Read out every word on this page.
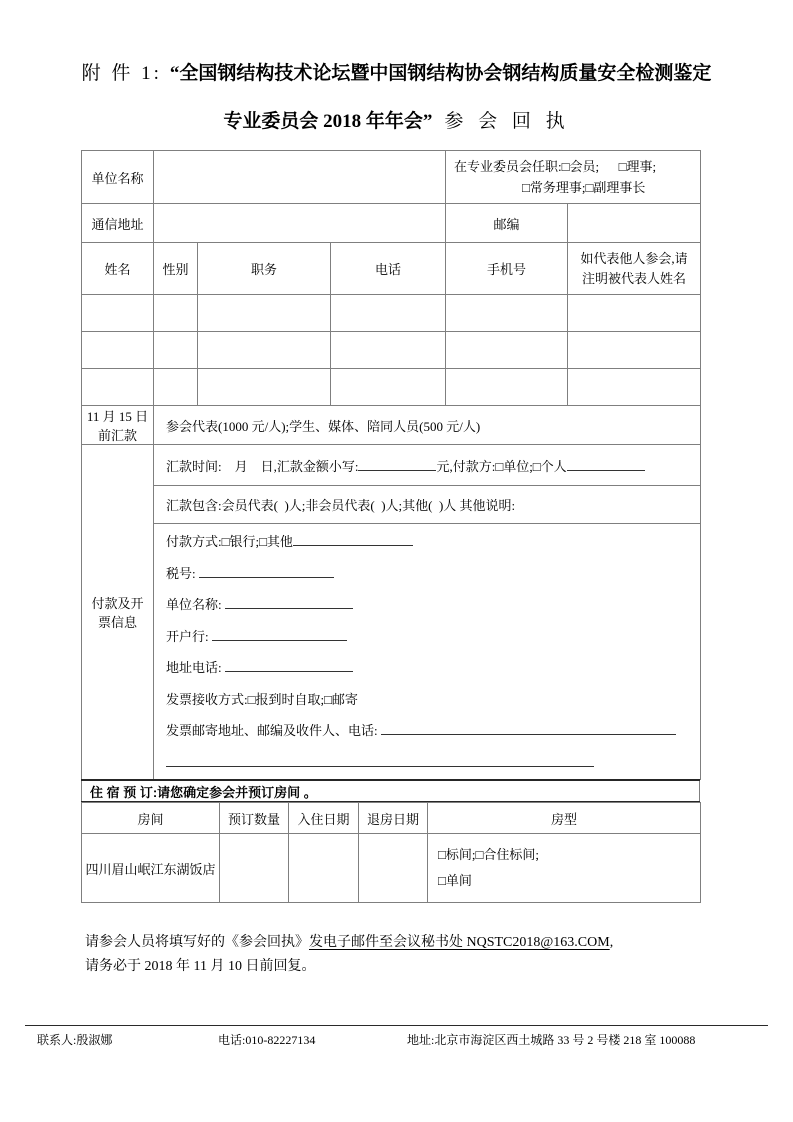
附 件 1: “全国钢结构技术论坛暨中国钢结构协会钢结构质量安全检测鉴定
专业委员会 2018 年年会” 参 会 回 执
单位名称				在专业委员会任职:□会员;      □理事;
□常务理事;□副理事长	

通信地址				邮编	
姓名	性别	职务	电话	手机号	如代表他人参会,请注明被代表人姓名

11 月 15 日
前汇款	参会代表(1000 元/人);学生、媒体、陪同人员(500 元/人)				
付款及开
票信息	汇款时间:    月    日,汇款金额小写: 元,付款方:□单位;□个人				
	汇款包含:会员代表(  )人;非会员代表(  )人;其他(  )人 其他说明:				

付款方式:□银行;□其他
税号:
单位名称:
开户行:
地址电话:
发票接收方式:□报到时自取;□邮寄
发票邮寄地址、邮编及收件人、电话:
住 宿 预 订:请您确定参会并预订房间 。
房间	预订数量	入住日期	退房日期	房型
四川眉山岷江东湖饭店				□标间;□合住标间;
□单间
请参会人员将填写好的《参会回执》发电子邮件至会议秘书处 NQSTC2018@163.COM,
请务必于 2018 年 11 月 10 日前回复。
联系人:殷淑娜	电话:010-82227134	地址:北京市海淀区西土城路 33 号 2 号楼 218 室 100088
